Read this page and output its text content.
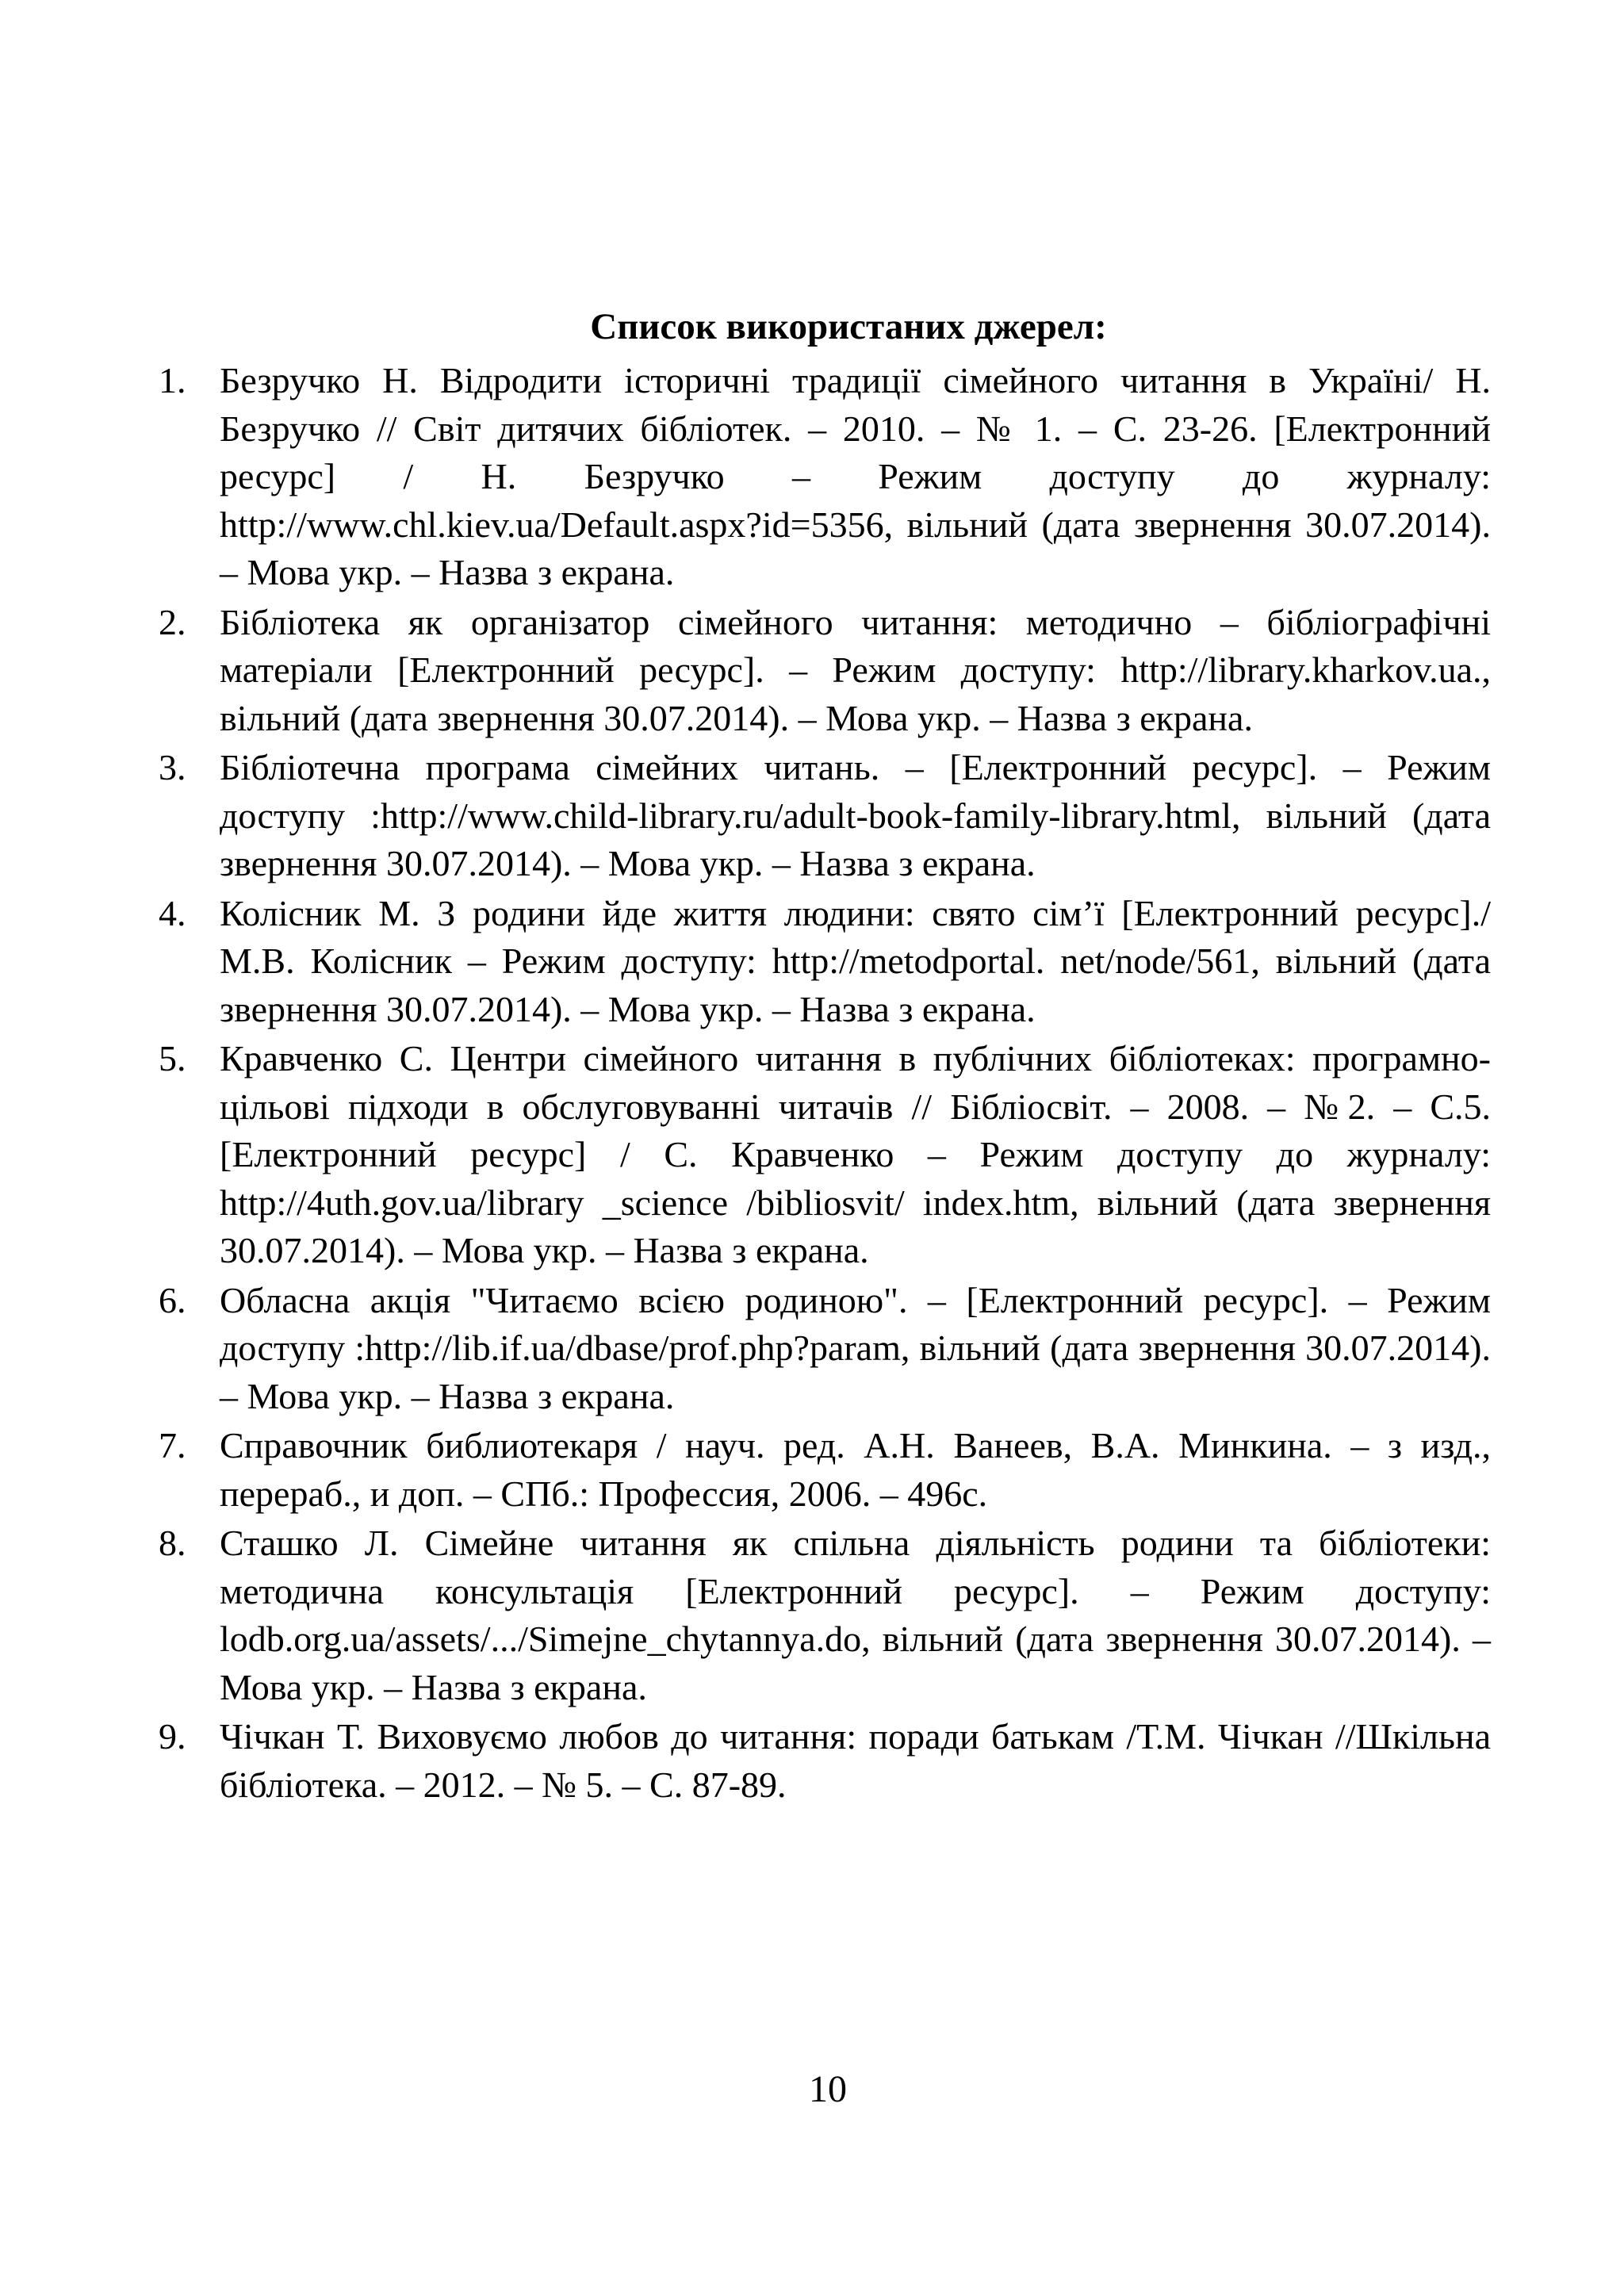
Список використаних джерел:
1. Безручко Н. Відродити історичні традиції сімейного читання в Україні/ Н. Безручко // Світ дитячих бібліотек. – 2010. – № 1. – С. 23-26. [Електронний ресурс] / Н. Безручко – Режим доступу до журналу: http://www.chl.kiev.ua/Default.aspx?id=5356, вільний (дата звернення 30.07.2014). – Мова укр. – Назва з екрана.
2. Бібліотека як організатор сімейного читання: методично – бібліографічні матеріали [Електронний ресурс]. – Режим доступу: http://library.kharkov.ua., вільний (дата звернення 30.07.2014). – Мова укр. – Назва з екрана.
3. Бібліотечна програма сімейних читань. – [Електронний ресурс]. – Режим доступу :http://www.child-library.ru/adult-book-family-library.html, вільний (дата звернення 30.07.2014). – Мова укр. – Назва з екрана.
4. Колісник М. З родини йде життя людини: свято сім’ї [Електронний ресурс]./ М.В. Колісник – Режим доступу: http://metodportal. net/node/561, вільний (дата звернення 30.07.2014). – Мова укр. – Назва з екрана.
5. Кравченко С. Центри сімейного читання в публічних бібліотеках: програмно-цільові підходи в обслуговуванні читачів // Бібліосвіт. – 2008. – №2. – С.5. [Електронний ресурс] / С. Кравченко – Режим доступу до журналу: http://4uth.gov.ua/library _science /bibliosvit/ index.htm, вільний (дата звернення 30.07.2014). – Мова укр. – Назва з екрана.
6. Обласна акція "Читаємо всією родиною". – [Електронний ресурс]. – Режим доступу :http://lib.if.ua/dbase/prof.php?param, вільний (дата звернення 30.07.2014). – Мова укр. – Назва з екрана.
7. Справочник библиотекаря / науч. ред. А.Н. Ванеев, В.А. Минкина. – з изд., перераб., и доп. – СПб.: Профессия, 2006. – 496с.
8. Сташко Л. Сімейне читання як спільна діяльність родини та бібліотеки: методична консультація [Електронний ресурс]. – Режим доступу: lodb.org.ua/assets/.../Simejne_chytannya.do, вільний (дата звернення 30.07.2014). – Мова укр. – Назва з екрана.
9. Чічкан Т. Виховуємо любов до читання: поради батькам /Т.М. Чічкан //Шкільна бібліотека. – 2012. – № 5. – С. 87-89.
10
